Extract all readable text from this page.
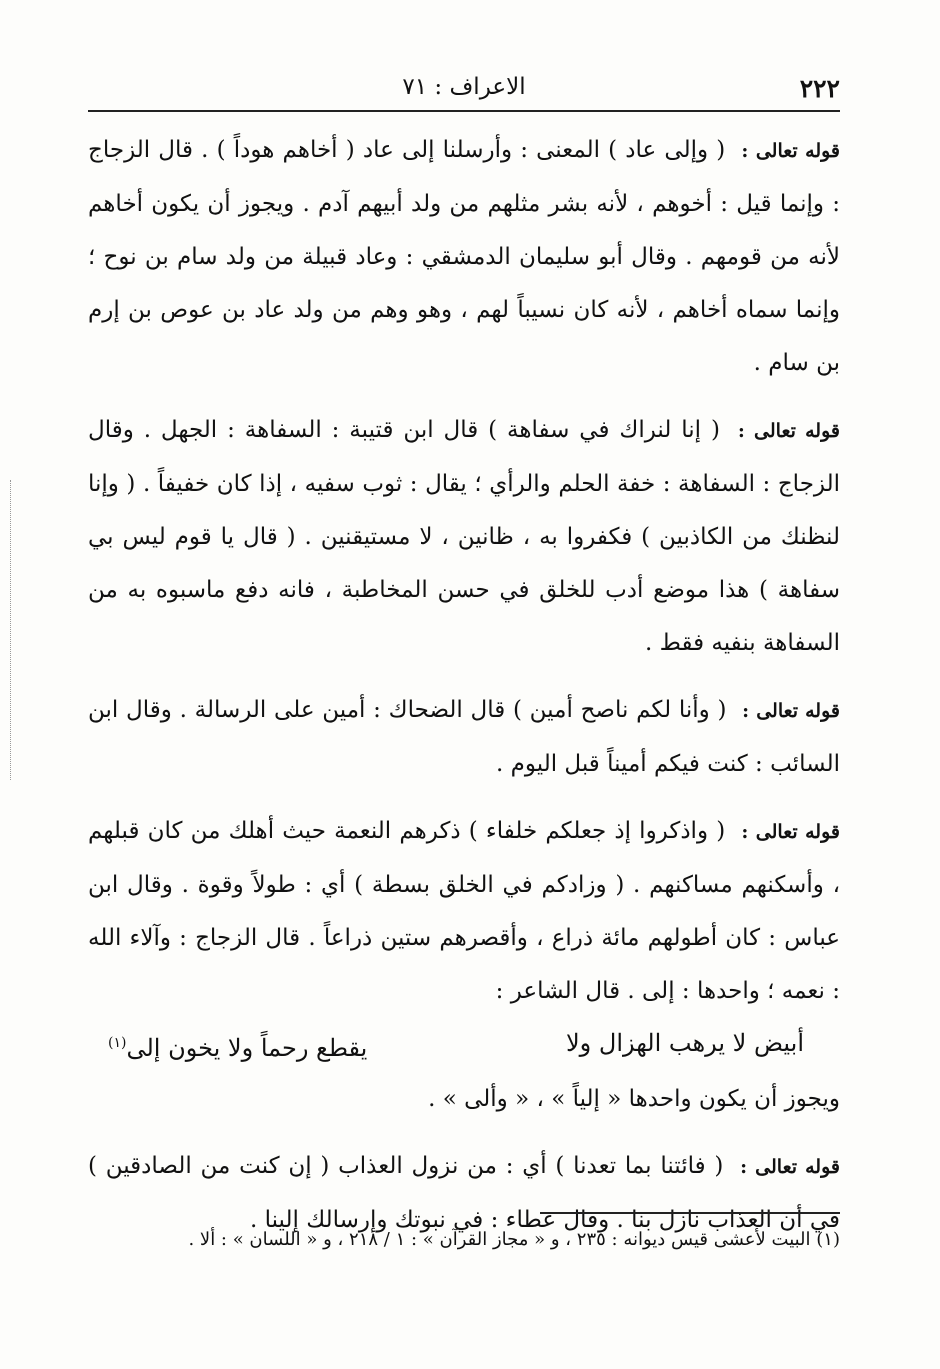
٢٢٢
الاعراف : ٧١

قوله تعالى : ( وإلى عاد ) المعنى : وأرسلنا إلى عاد ( أخاهم هوداً ) . قال الزجاج : وإنما قيل : أخوهم ، لأنه بشر مثلهم من ولد أبيهم آدم . ويجوز أن يكون أخاهم لأنه من قومهم . وقال أبو سليمان الدمشقي : وعاد قبيلة من ولد سام بن نوح ؛ وإنما سماه أخاهم ، لأنه كان نسيباً لهم ، وهو وهم من ولد عاد بن عوص بن إرم بن سام .

قوله تعالى : ( إنا لنراك في سفاهة ) قال ابن قتيبة : السفاهة : الجهل . وقال الزجاج : السفاهة : خفة الحلم والرأي ؛ يقال : ثوب سفيه ، إذا كان خفيفاً . ( وإنا لنظنك من الكاذبين ) فكفروا به ، ظانين ، لا مستيقنين . ( قال يا قوم ليس بي سفاهة ) هذا موضع أدب للخلق في حسن المخاطبة ، فانه دفع ماسبوه به من السفاهة بنفيه فقط .

قوله تعالى : ( وأنا لكم ناصح أمين ) قال الضحاك : أمين على الرسالة . وقال ابن السائب : كنت فيكم أميناً قبل اليوم .

قوله تعالى : ( واذكروا إذ جعلكم خلفاء ) ذكرهم النعمة حيث أهلك من كان قبلهم ، وأسكنهم مساكنهم . ( وزادكم في الخلق بسطة ) أي : طولاً وقوة . وقال ابن عباس : كان أطولهم مائة ذراع ، وأقصرهم ستين ذراعاً . قال الزجاج : وآلاء الله : نعمه ؛ واحدها : إلى . قال الشاعر :

أبيض لا يرهب الهزال ولا
يقطع رحماً ولا يخون إلى$^{(١)}$

ويجوز أن يكون واحدها « إلياً » ، « وألى » .

قوله تعالى : ( فائتنا بما تعدنا ) أي : من نزول العذاب ( إن كنت من الصادقين ) في أن العذاب نازل بنا . وقال عطاء : في نبوتك وإرسالك إلينا .

(١) البيت لأعشى قيس ديوانه : ٢٣٥ ، و « مجاز القرآن » : ١ / ٢١٨ ، و « اللسان » : ألا .
